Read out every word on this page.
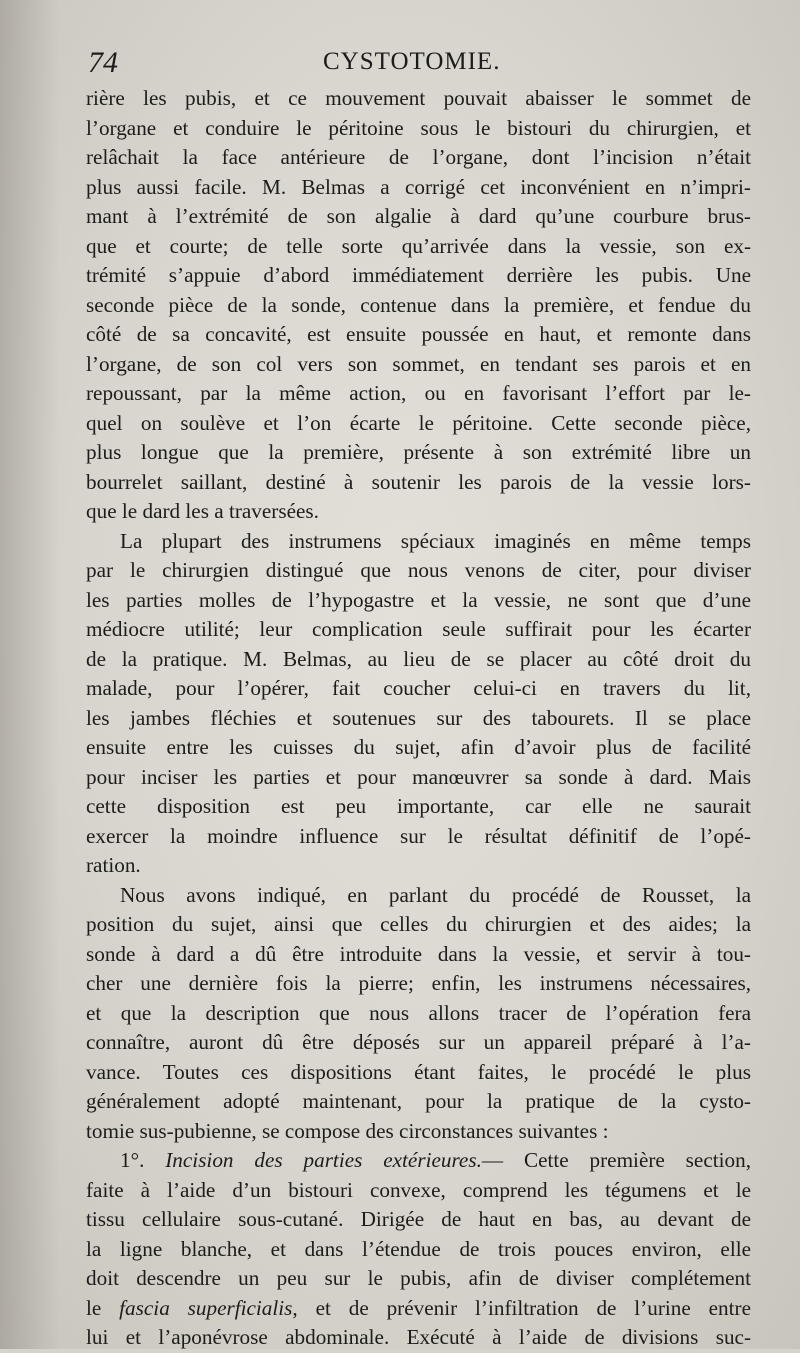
74	CYSTOTOMIE.
rière les pubis, et ce mouvement pouvait abaisser le sommet de
l’organe et conduire le péritoine sous le bistouri du chirurgien, et
relâchait la face antérieure de l’organe, dont l’incision n’était
plus aussi facile. M. Belmas a corrigé cet inconvénient en n’impri-
mant à l’extrémité de son algalie à dard qu’une courbure brus-
que et courte; de telle sorte qu’arrivée dans la vessie, son ex-
trémité s’appuie d’abord immédiatement derrière les pubis. Une
seconde pièce de la sonde, contenue dans la première, et fendue du
côté de sa concavité, est ensuite poussée en haut, et remonte dans
l’organe, de son col vers son sommet, en tendant ses parois et en
repoussant, par la même action, ou en favorisant l’effort par le-
quel on soulève et l’on écarte le péritoine. Cette seconde pièce,
plus longue que la première, présente à son extrémité libre un
bourrelet saillant, destiné à soutenir les parois de la vessie lors-
que le dard les a traversées.
La plupart des instrumens spéciaux imaginés en même temps
par le chirurgien distingué que nous venons de citer, pour diviser
les parties molles de l’hypogastre et la vessie, ne sont que d’une
médiocre utilité; leur complication seule suffirait pour les écarter
de la pratique. M. Belmas, au lieu de se placer au côté droit du
malade, pour l’opérer, fait coucher celui-ci en travers du lit,
les jambes fléchies et soutenues sur des tabourets. Il se place
ensuite entre les cuisses du sujet, afin d’avoir plus de facilité
pour inciser les parties et pour manœuvrer sa sonde à dard. Mais
cette disposition est peu importante, car elle ne saurait
exercer la moindre influence sur le résultat définitif de l’opé-
ration.
Nous avons indiqué, en parlant du procédé de Rousset, la
position du sujet, ainsi que celles du chirurgien et des aides; la
sonde à dard a dû être introduite dans la vessie, et servir à tou-
cher une dernière fois la pierre; enfin, les instrumens nécessaires,
et que la description que nous allons tracer de l’opération fera
connaître, auront dû être déposés sur un appareil préparé à l’a-
vance. Toutes ces dispositions étant faites, le procédé le plus
généralement adopté maintenant, pour la pratique de la cysto-
tomie sus-pubienne, se compose des circonstances suivantes :
1°. Incision des parties extérieures.— Cette première section,
faite à l’aide d’un bistouri convexe, comprend les tégumens et le
tissu cellulaire sous-cutané. Dirigée de haut en bas, au devant de
la ligne blanche, et dans l’étendue de trois pouces environ, elle
doit descendre un peu sur le pubis, afin de diviser complétement
le fascia superficialis, et de prévenir l’infiltration de l’urine entre
lui et l’aponévrose abdominale. Exécuté à l’aide de divisions suc-
